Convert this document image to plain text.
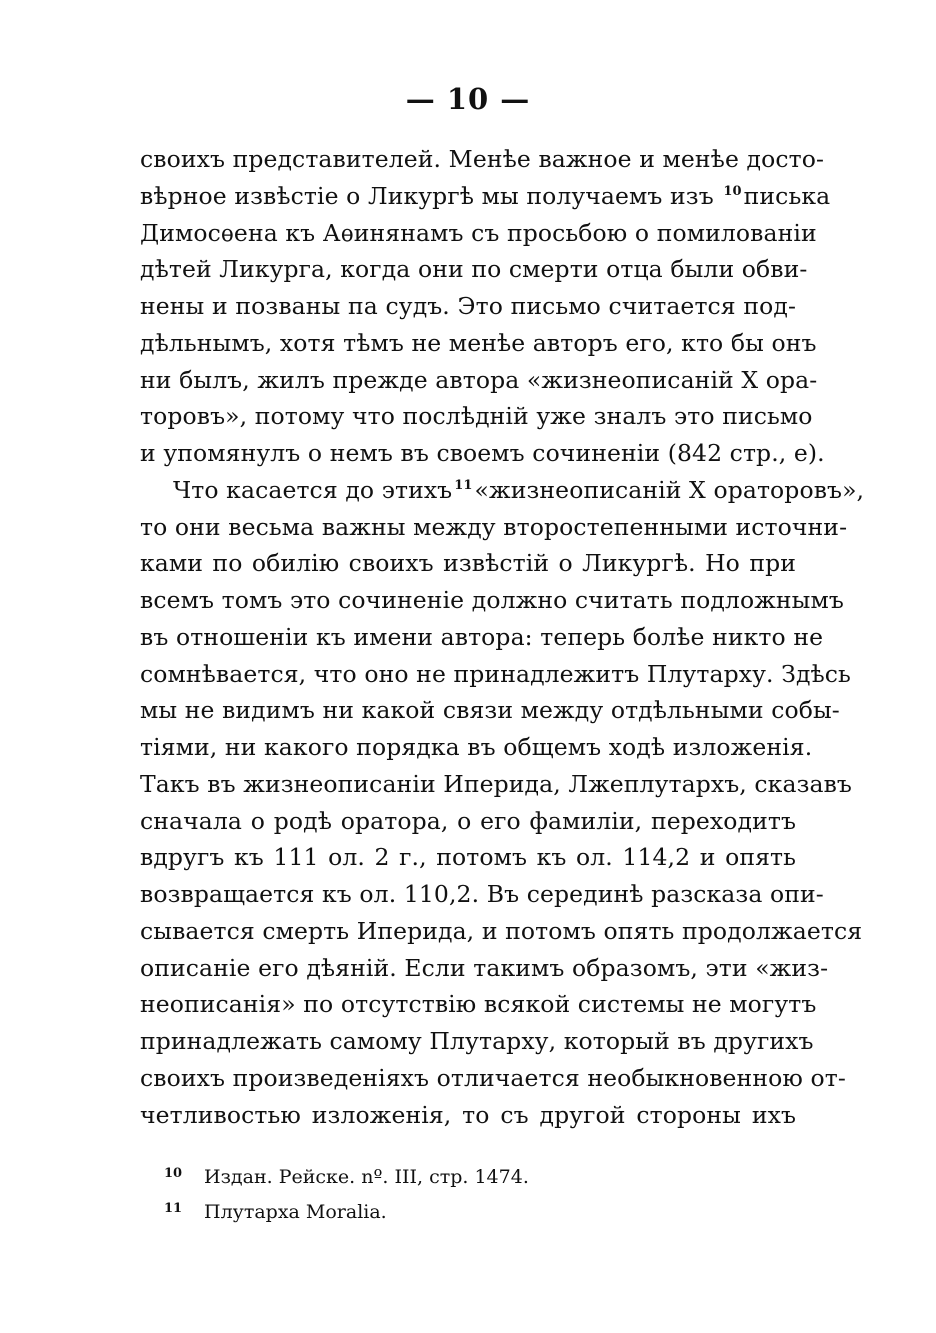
— 10 —
своихъ представителей. Менѣе важное и менѣе досто-
вѣрное извѣстіе о Ликургѣ мы получаемъ изъ $^{10}$писька
Димосѳена къ Аѳинянамъ съ просьбою о помилованіи
дѣтей Ликурга, когда они по смерти отца были обви-
нены и позваны па судъ. Это письмо считается под-
дѣльнымъ, хотя тѣмъ не менѣе авторъ его, кто бы онъ
ни былъ, жилъ прежде автора «жизнеописаній X ора-
торовъ», потому что послѣдній уже зналъ это письмо
и упомянулъ о немъ въ своемъ сочиненіи (842 стр., е).
Что касается до этихъ $^{11}$«жизнеописаній X ораторовъ»,
то они весьма важны между второстепенными источни-
ками по обилію своихъ извѣстій о Ликургѣ. Но при
всемъ томъ это сочиненіе должно считать подложнымъ
въ отношеніи къ имени автора: теперь болѣе никто не
сомнѣвается, что оно не принадлежитъ Плутарху. Здѣсь
мы не видимъ ни какой связи между отдѣльными собы-
тіями, ни какого порядка въ общемъ ходѣ изложенія.
Такъ въ жизнеописаніи Иперида, Лжеплутархъ, сказавъ
сначала о родѣ оратора, о его фамиліи, переходитъ
вдругъ къ 111 ол. 2 г., потомъ къ ол. 114,2 и опять
возвращается къ ол. 110,2. Въ серединѣ разсказа опи-
сывается смерть Иперида, и потомъ опять продолжается
описаніе его дѣяній. Если такимъ образомъ, эти «жиз-
неописанія» по отсутствію всякой системы не могутъ
принадлежать самому Плутарху, который въ другихъ
своихъ произведеніяхъ отличается необыкновенною от-
четливостью изложенія, то съ другой стороны ихъ
10 Издан. Рейске. nº. III, стр. 1474.
11 Плутарха Moralia.
